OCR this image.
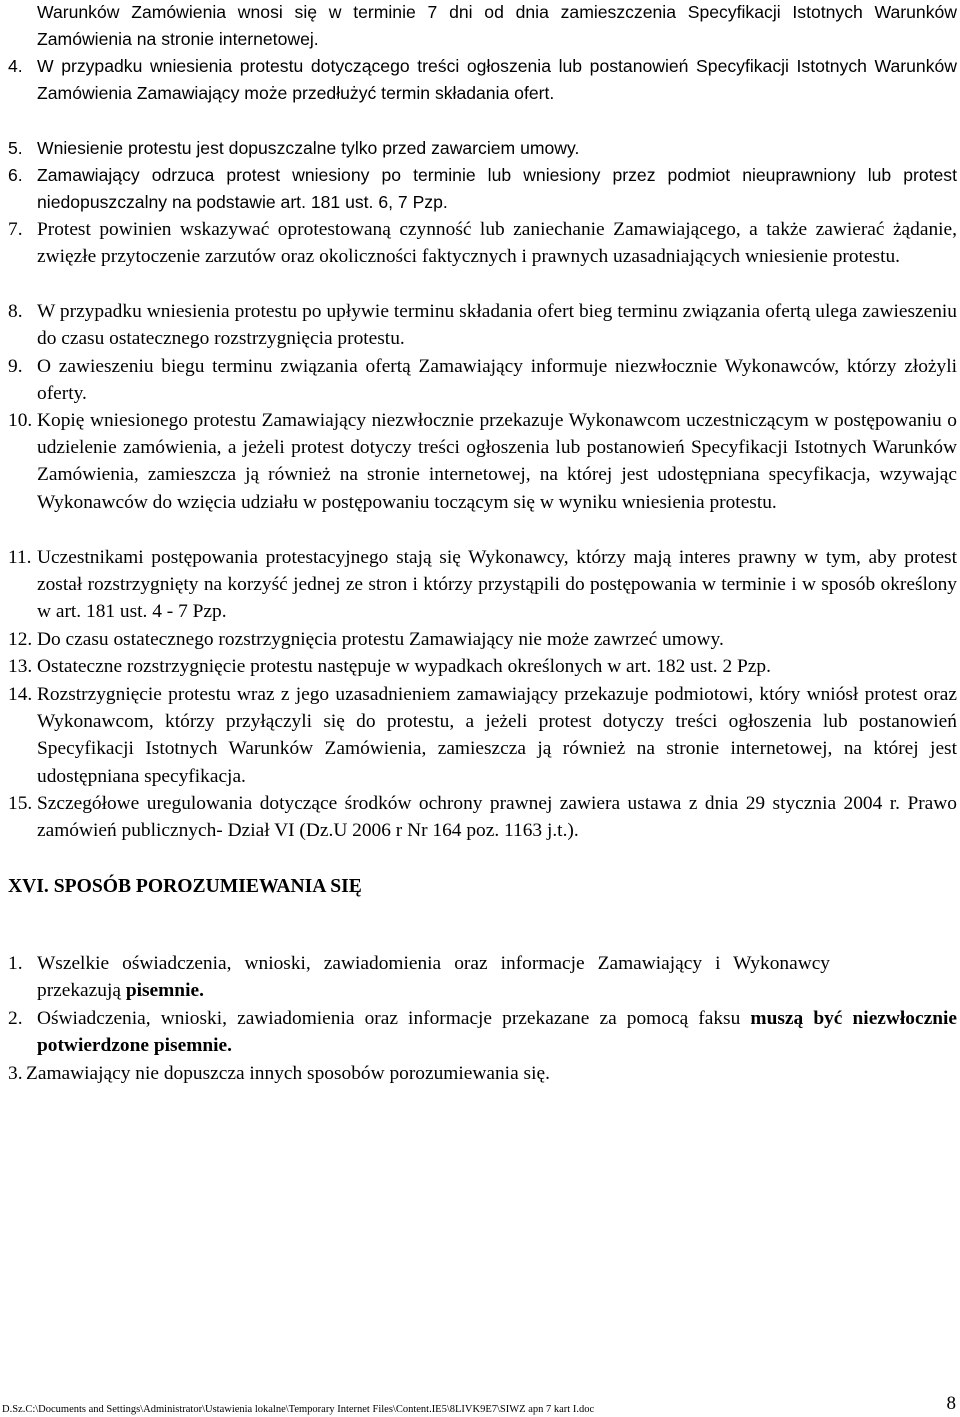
Warunków Zamówienia wnosi się w terminie 7 dni od dnia zamieszczenia Specyfikacji Istotnych Warunków Zamówienia na stronie internetowej.
4. W przypadku wniesienia protestu dotyczącego treści ogłoszenia lub postanowień Specyfikacji Istotnych Warunków Zamówienia Zamawiający może przedłużyć termin składania ofert.
5. Wniesienie protestu jest dopuszczalne tylko przed zawarciem umowy.
6. Zamawiający odrzuca protest wniesiony po terminie lub wniesiony przez podmiot nieuprawniony lub protest niedopuszczalny na podstawie art. 181 ust. 6, 7 Pzp.
7. Protest powinien wskazywać oprotestowaną czynność lub zaniechanie Zamawiającego, a także zawierać żądanie, zwięzłe przytoczenie zarzutów oraz okoliczności faktycznych i prawnych uzasadniających wniesienie protestu.
8. W przypadku wniesienia protestu po upływie terminu składania ofert bieg terminu związania ofertą ulega zawieszeniu do czasu ostatecznego rozstrzygnięcia protestu.
9. O zawieszeniu biegu terminu związania ofertą Zamawiający informuje niezwłocznie Wykonawców, którzy złożyli oferty.
10. Kopię wniesionego protestu Zamawiający niezwłocznie przekazuje Wykonawcom uczestniczącym w postępowaniu o udzielenie zamówienia, a jeżeli protest dotyczy treści ogłoszenia lub postanowień Specyfikacji Istotnych Warunków Zamówienia, zamieszcza ją również na stronie internetowej, na której jest udostępniana specyfikacja, wzywając Wykonawców do wzięcia udziału w postępowaniu toczącym się w wyniku wniesienia protestu.
11. Uczestnikami postępowania protestacyjnego stają się Wykonawcy, którzy mają interes prawny w tym, aby protest został rozstrzygnięty na korzyść jednej ze stron i którzy przystąpili do postępowania w terminie i w sposób określony w art. 181 ust. 4 - 7 Pzp.
12. Do czasu ostatecznego rozstrzygnięcia protestu Zamawiający nie może zawrzeć umowy.
13. Ostateczne rozstrzygnięcie protestu następuje w wypadkach określonych w art. 182 ust. 2 Pzp.
14. Rozstrzygnięcie protestu wraz z jego uzasadnieniem zamawiający przekazuje podmiotowi, który wniósł protest oraz Wykonawcom, którzy przyłączyli się do protestu, a jeżeli protest dotyczy treści ogłoszenia lub postanowień Specyfikacji Istotnych Warunków Zamówienia, zamieszcza ją również na stronie internetowej, na której jest udostępniana specyfikacja.
15. Szczegółowe uregulowania dotyczące środków ochrony prawnej zawiera ustawa z dnia 29 stycznia 2004 r. Prawo zamówień publicznych- Dział VI (Dz.U 2006 r Nr 164 poz. 1163 j.t.).
XVI. SPOSÓB POROZUMIEWANIA SIĘ
1. Wszelkie oświadczenia, wnioski, zawiadomienia oraz informacje Zamawiający i Wykonawcy przekazują pisemnie.
2. Oświadczenia, wnioski, zawiadomienia oraz informacje przekazane za pomocą faksu muszą być niezwłocznie potwierdzone pisemnie.
3. Zamawiający nie dopuszcza innych sposobów porozumiewania się.
D.Sz.C:\Documents and Settings\Administrator\Ustawienia lokalne\Temporary Internet Files\Content.IE5\8LIVK9E7\SIWZ apn 7 kart I.doc	8
